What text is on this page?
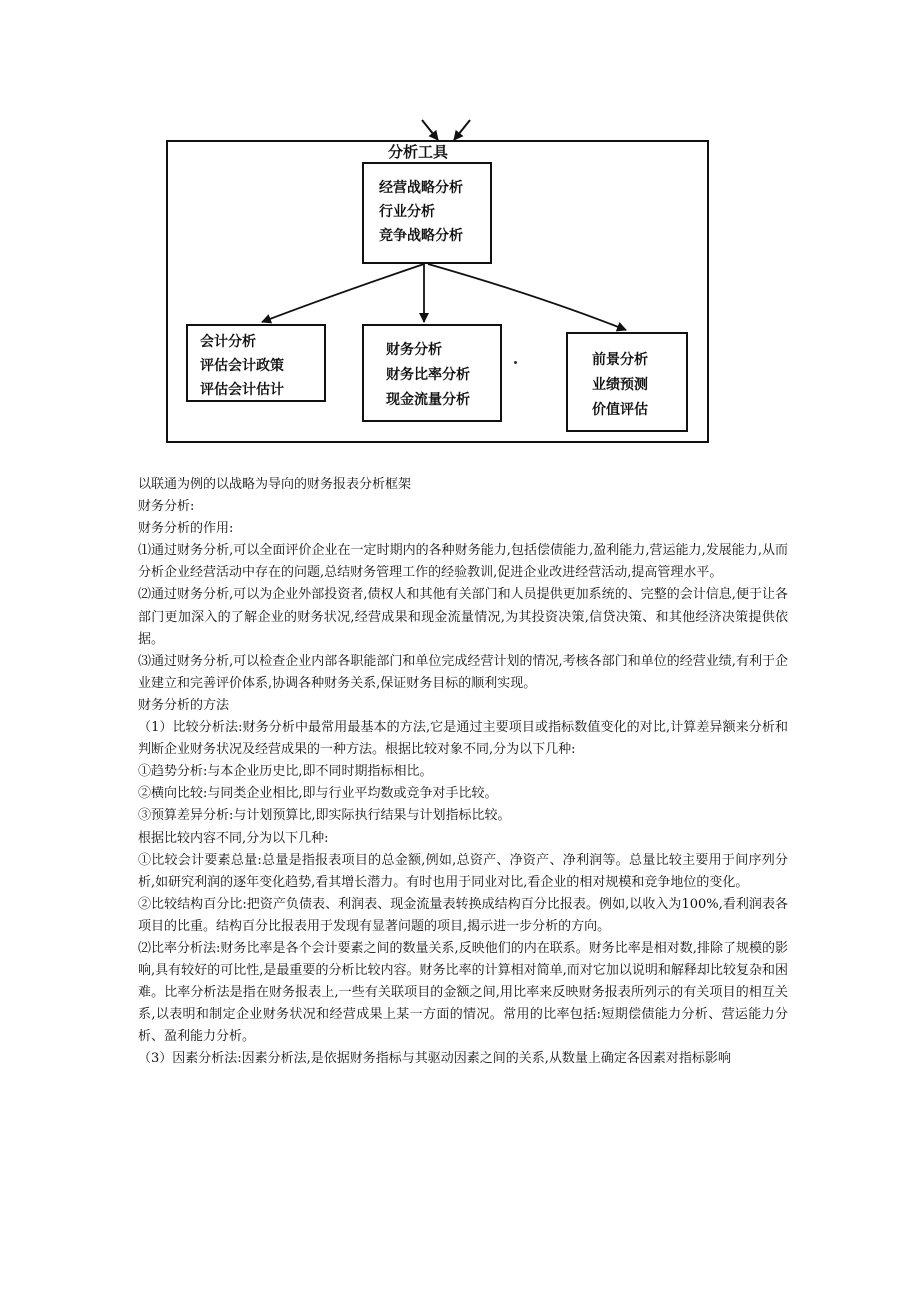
分析工具
经营战略分析
行业分析
竞争战略分析
会计分析
评估会计政策
评估会计估计
财务分析
财务比率分析
现金流量分析
前景分析
业绩预测
价值评估

以联通为例的以战略为导向的财务报表分析框架

财务分析:

财务分析的作用:

⑴通过财务分析,可以全面评价企业在一定时期内的各种财务能力,包括偿债能力,盈利能力,营运能力,发展能力,从而分析企业经营活动中存在的问题,总结财务管理工作的经验教训,促进企业改进经营活动,提高管理水平。

⑵通过财务分析,可以为企业外部投资者,债权人和其他有关部门和人员提供更加系统的、完整的会计信息,便于让各部门更加深入的了解企业的财务状况,经营成果和现金流量情况,为其投资决策,信贷决策、和其他经济决策提供依据。

⑶通过财务分析,可以检查企业内部各职能部门和单位完成经营计划的情况,考核各部门和单位的经营业绩,有利于企业建立和完善评价体系,协调各种财务关系,保证财务目标的顺利实现。

财务分析的方法

（1）比较分析法:财务分析中最常用最基本的方法,它是通过主要项目或指标数值变化的对比,计算差异额来分析和判断企业财务状况及经营成果的一种方法。根据比较对象不同,分为以下几种:

①趋势分析:与本企业历史比,即不同时期指标相比。

②横向比较:与同类企业相比,即与行业平均数或竞争对手比较。

③预算差异分析:与计划预算比,即实际执行结果与计划指标比较。

根据比较内容不同,分为以下几种:

①比较会计要素总量:总量是指报表项目的总金额,例如,总资产、净资产、净利润等。总量比较主要用于间序列分析,如研究利润的逐年变化趋势,看其增长潜力。有时也用于同业对比,看企业的相对规模和竞争地位的变化。

②比较结构百分比:把资产负债表、利润表、现金流量表转换成结构百分比报表。例如,以收入为100%,看利润表各项目的比重。结构百分比报表用于发现有显著问题的项目,揭示进一步分析的方向。

⑵比率分析法:财务比率是各个会计要素之间的数量关系,反映他们的内在联系。财务比率是相对数,排除了规模的影响,具有较好的可比性,是最重要的分析比较内容。财务比率的计算相对简单,而对它加以说明和解释却比较复杂和困难。比率分析法是指在财务报表上,一些有关联项目的金额之间,用比率来反映财务报表所列示的有关项目的相互关系,以表明和制定企业财务状况和经营成果上某一方面的情况。常用的比率包括:短期偿债能力分析、营运能力分析、盈利能力分析。

（3）因素分析法:因素分析法,是依据财务指标与其驱动因素之间的关系,从数量上确定各因素对指标影响
